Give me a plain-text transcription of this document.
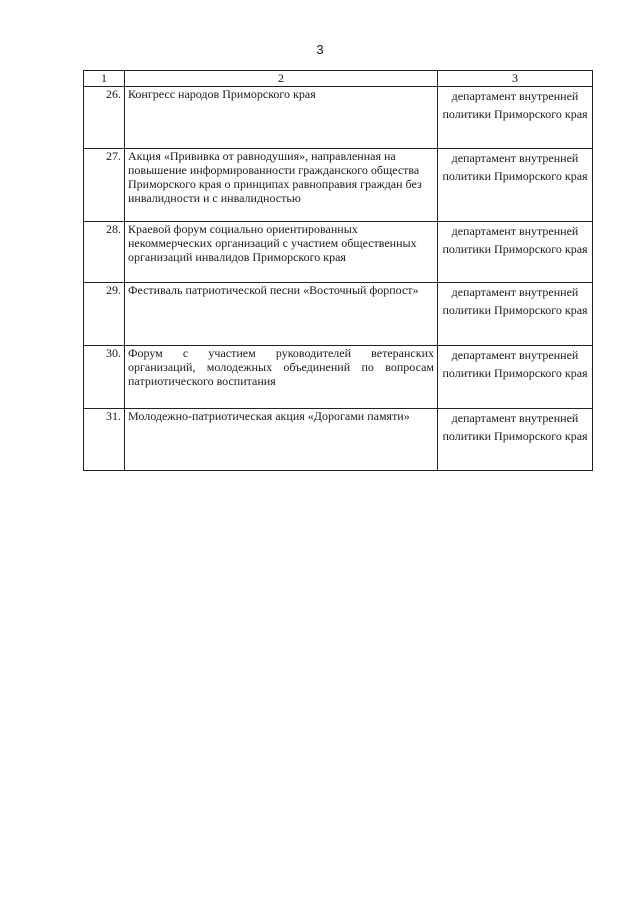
3
1	2	3
26.	Конгресс народов Приморского края	департамент внутренней политики Приморского края
27.	Акция «Прививка от равнодушия», направленная на повышение информированности гражданского общества Приморского края о принципах равноправия граждан без инвалидности и с инвалидностью	департамент внутренней политики Приморского края
28.	Краевой форум социально ориентированных некоммерческих организаций с участием общественных организаций инвалидов Приморского края	департамент внутренней политики Приморского края
29.	Фестиваль патриотической песни «Восточный форпост»	департамент внутренней политики Приморского края
30.	Форум с участием руководителей ветеранских организаций, молодежных объединений по вопросам патриотического воспитания	департамент внутренней политики Приморского края
31.	Молодежно-патриотическая акция «Дорогами памяти»	департамент внутренней политики Приморского края
